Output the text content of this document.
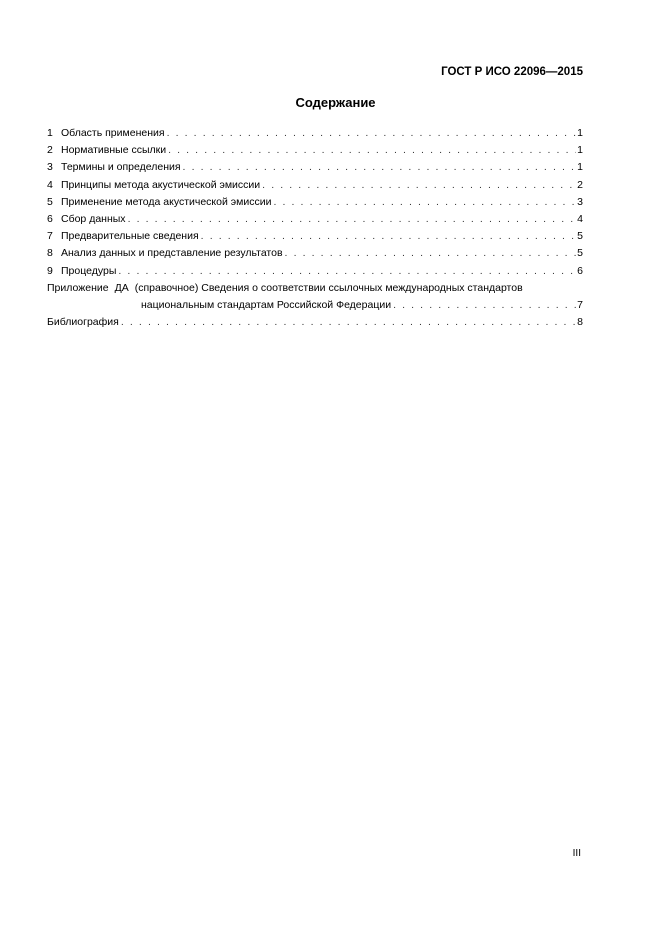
ГОСТ Р ИСО 22096—2015
Содержание
1 Область применения . . .	1
2 Нормативные ссылки . . .	1
3 Термины и определения . . .	1
4 Принципы метода акустической эмиссии . . .	2
5 Применение метода акустической эмиссии . . .	3
6 Сбор данных . . .	4
7 Предварительные сведения . . .	5
8 Анализ данных и представление результатов . . .	5
9 Процедуры . . .	6
Приложение ДА (справочное) Сведения о соответствии ссылочных международных стандартов
национальным стандартам Российской Федерации . . .	7
Библиография . . .	8
III
